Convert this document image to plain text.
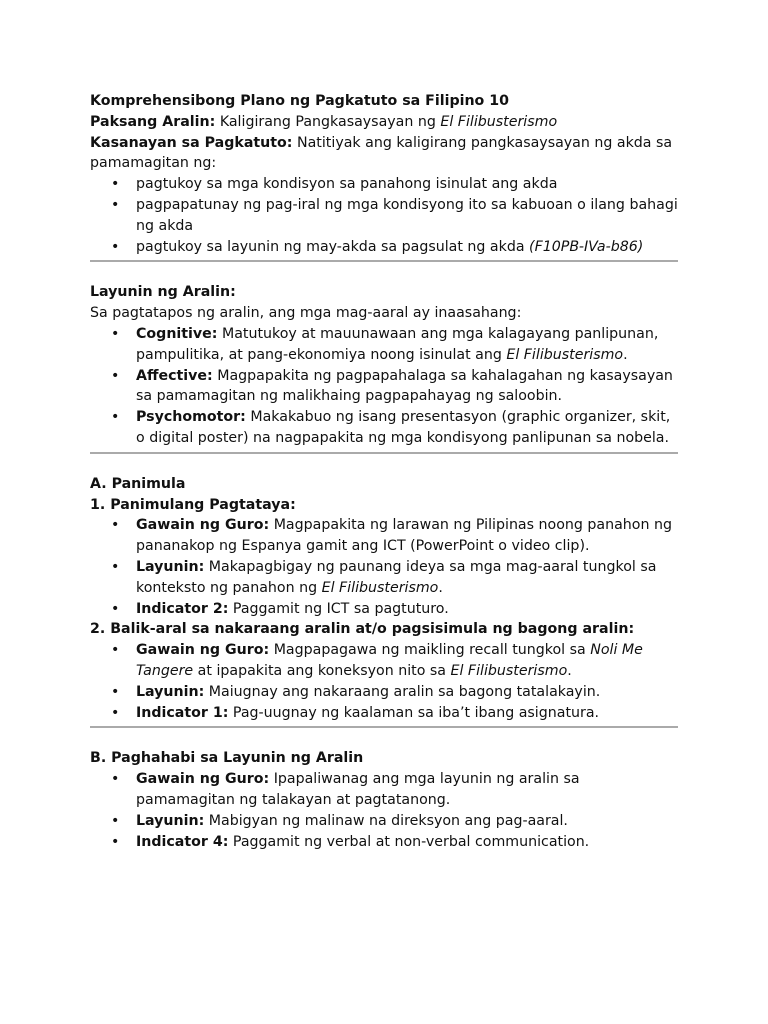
Komprehensibong Plano ng Pagkatuto sa Filipino 10

Paksang Aralin: Kaligirang Pangkasaysayan ng El Filibusterismo

Kasanayan sa Pagkatuto: Natitiyak ang kaligirang pangkasaysayan ng akda sa pamamagitan ng:

• pagtukoy sa mga kondisyon sa panahong isinulat ang akda
• pagpapatunay ng pag-iral ng mga kondisyong ito sa kabuoan o ilang bahagi ng akda
• pagtukoy sa layunin ng may-akda sa pagsulat ng akda (F10PB-IVa-b86)

Layunin ng Aralin:

Sa pagtatapos ng aralin, ang mga mag-aaral ay inaasahang:

• Cognitive: Matutukoy at mauunawaan ang mga kalagayang panlipunan, pampulitika, at pang-ekonomiya noong isinulat ang El Filibusterismo.
• Affective: Magpapakita ng pagpapahalaga sa kahalagahan ng kasaysayan sa pamamagitan ng malikhaing pagpapahayag ng saloobin.
• Psychomotor: Makakabuo ng isang presentasyon (graphic organizer, skit, o digital poster) na nagpapakita ng mga kondisyong panlipunan sa nobela.

A. Panimula

1. Panimulang Pagtataya:

• Gawain ng Guro: Magpapakita ng larawan ng Pilipinas noong panahon ng pananakop ng Espanya gamit ang ICT (PowerPoint o video clip).
• Layunin: Makapagbigay ng paunang ideya sa mga mag-aaral tungkol sa konteksto ng panahon ng El Filibusterismo.
• Indicator 2: Paggamit ng ICT sa pagtuturo.

2. Balik-aral sa nakaraang aralin at/o pagsisimula ng bagong aralin:

• Gawain ng Guro: Magpapagawa ng maikling recall tungkol sa Noli Me Tangere at ipapakita ang koneksyon nito sa El Filibusterismo.
• Layunin: Maiugnay ang nakaraang aralin sa bagong tatalakayin.
• Indicator 1: Pag-uugnay ng kaalaman sa iba’t ibang asignatura.

B. Paghahabi sa Layunin ng Aralin

• Gawain ng Guro: Ipapaliwanag ang mga layunin ng aralin sa pamamagitan ng talakayan at pagtatanong.
• Layunin: Mabigyan ng malinaw na direksyon ang pag-aaral.
• Indicator 4: Paggamit ng verbal at non-verbal communication.
